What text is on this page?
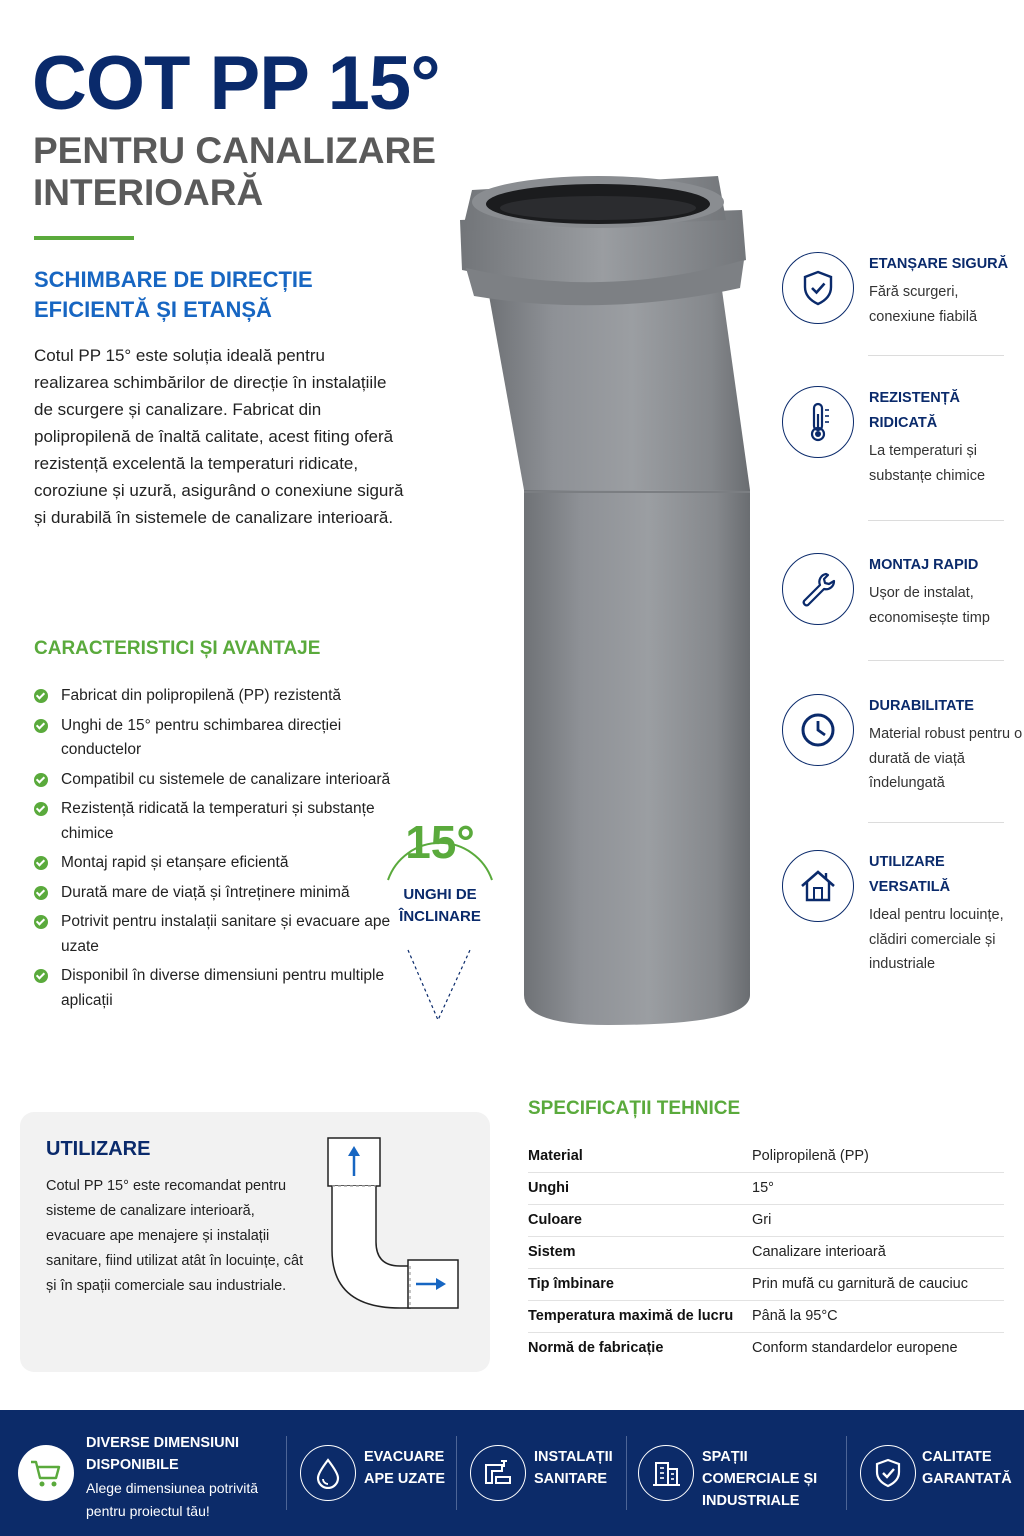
COT PP 15°
PENTRU CANALIZARE INTERIOARĂ
SCHIMBARE DE DIRECȚIE EFICIENTĂ ȘI ETANȘĂ

Cotul PP 15° este soluția ideală pentru realizarea schimbărilor de direcție în instalațiile de scurgere și canalizare. Fabricat din polipropilenă de înaltă calitate, acest fiting oferă rezistență excelentă la temperaturi ridicate, coroziune și uzură, asigurând o conexiune sigură și durabilă în sistemele de canalizare interioară.

CARACTERISTICI ȘI AVANTAJE
Fabricat din polipropilenă (PP) rezistentă
Unghi de 15° pentru schimbarea direcției conductelor
Compatibil cu sistemele de canalizare interioară
Rezistență ridicată la temperaturi și substanțe chimice
Montaj rapid și etanșare eficientă
Durată mare de viață și întreținere minimă
Potrivit pentru instalații sanitare și evacuare ape uzate
Disponibil în diverse dimensiuni pentru multiple aplicații
15°
UNGHI DE ÎNCLINARE
ETANȘARE SIGURĂ
Fără scurgeri, conexiune fiabilă
REZISTENȚĂ RIDICATĂ
La temperaturi și substanțe chimice
MONTAJ RAPID
Ușor de instalat, economisește timp
DURABILITATE
Material robust pentru o durată de viață îndelungată
UTILIZARE VERSATILĂ
Ideal pentru locuințe, clădiri comerciale și industriale
UTILIZARE

Cotul PP 15° este recomandat pentru sisteme de canalizare interioară, evacuare ape menajere și instalații sanitare, fiind utilizat atât în locuințe, cât și în spații comerciale sau industriale.

SPECIFICAȚII TEHNICE
Material	Polipropilenă (PP)
Unghi	15°
Culoare	Gri
Sistem	Canalizare interioară
Tip îmbinare	Prin mufă cu garnitură de cauciuc
Temperatura maximă de lucru	Până la 95°C
Normă de fabricație	Conform standardelor europene
DIVERSE DIMENSIUNI DISPONIBILE
Alege dimensiunea potrivită pentru proiectul tău!
EVACUARE APE UZATE
INSTALAȚII SANITARE
SPAȚII COMERCIALE ȘI INDUSTRIALE
CALITATE GARANTATĂ
